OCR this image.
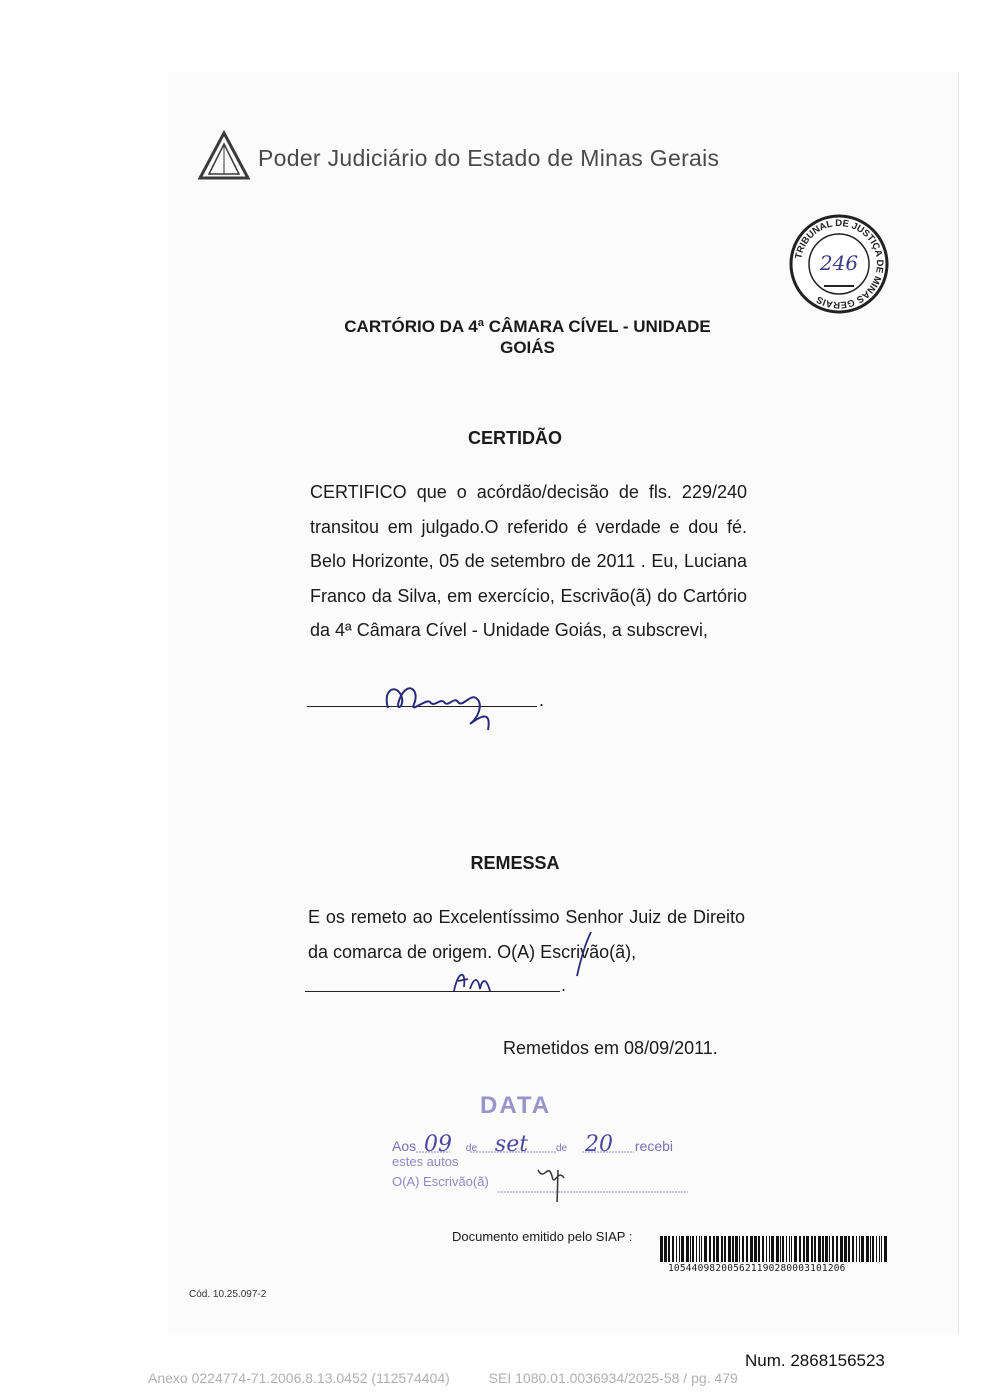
Poder Judiciário do Estado de Minas Gerais
TRIBUNAL DE JUSTIÇA DE MINAS GERAIS
246
CARTÓRIO DA 4ª CÂMARA CÍVEL - UNIDADE
GOIÁS
CERTIDÃO
CERTIFICO que o acórdão/decisão de fls. 229/240 transitou em julgado.O referido é verdade e dou fé. Belo Horizonte, 05 de setembro de 2011 . Eu, Luciana Franco da Silva, em exercício, Escrivão(ã) do Cartório da 4ª Câmara Cível - Unidade Goiás, a subscrevi,
.
REMESSA
E os remeto ao Excelentíssimo Senhor Juiz de Direito da comarca de origem. O(A) Escrivão(ã),
.
Remetidos em 08/09/2011.
DATA
Aos 09 de set	de 20 recebi
estes autos
O(A) Escrivão(ã)
Documento emitido pelo SIAP :
10544098200562119028000310120​6
Cód. 10.25.097-2
Num. 2868156523
Anexo 0224774-71.2006.8.13.0452 (112574404)          SEI 1080.01.0036934/2025-58 / pg. 479
